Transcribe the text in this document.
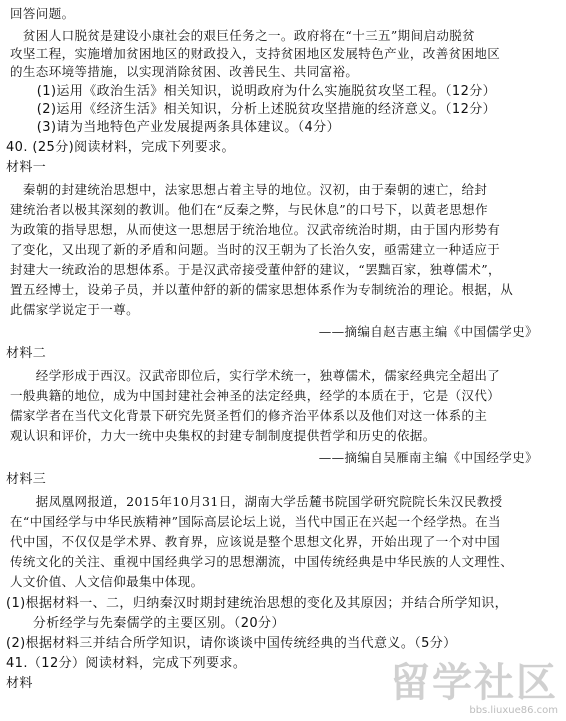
回答问题。
　贫困人口脱贫是建设小康社会的艰巨任务之一。政府将在“十三五”期间启动脱贫
攻坚工程，实施增加贫困地区的财政投入，支持贫困地区发展特色产业，改善贫困地区
的生态环境等措施，以实现消除贫困、改善民生、共同富裕。
　　(1)运用《政治生活》相关知识，说明政府为什么实施脱贫攻坚工程。（12分）
　　(2)运用《经济生活》相关知识，分析上述脱贫攻坚措施的经济意义。（12分）
　　(3)请为当地特色产业发展提两条具体建议。（4分）
40. (25分)阅读材料，完成下列要求。
材料一
　秦朝的封建统治思想中，法家思想占着主导的地位。汉初，由于秦朝的速亡，给封
建统治者以极其深刻的教训。他们在“反秦之弊，与民休息”的口号下，以黄老思想作
为政策的指导思想，从而使这一思想居于统治地位。汉武帝统治时期，由于国内形势有
了变化，又出现了新的矛盾和问题。当时的汉王朝为了长治久安，亟需建立一种适应于
封建大一统政治的思想体系。于是汉武帝接受董仲舒的建议，“罢黜百家，独尊儒术”，
置五经博士，设弟子员，并以董仲舒的新的儒家思想体系作为专制统治的理论。根据，从
此儒家学说定于一尊。
——摘编自赵吉惠主编《中国儒学史》
材料二
　　经学形成于西汉。汉武帝即位后，实行学术统一，独尊儒术，儒家经典完全超出了
一般典籍的地位，成为中国封建社会神圣的法定经典，经学的本质在于，它是（汉代）
儒家学者在当代文化背景下研究先贤圣哲们的修齐治平体系以及他们对这一体系的主
观认识和评价，力大一统中央集权的封建专制制度提供哲学和历史的依据。
——摘编自吴雁南主编《中国经学史》
材料三
　　据凤凰网报道，2015年10月31日，湖南大学岳麓书院国学研究院院长朱汉民教授
在“中国经学与中华民族精神”国际高层论坛上说，当代中国正在兴起一个经学热。在当
代中国，不仅仅是学术界、教育界，应该说是整个思想文化界，开始出现了一个对中国
传统文化的关注、重视中国经典学习的思想潮流，中国传统经典是中华民族的人文理性、
人文价值、人文信仰最集中体现。
(1)根据材料一、二，归纳秦汉时期封建统治思想的变化及其原因；并结合所学知识，
　　分析经学与先秦儒学的主要区别。（20分）
(2)根据材料三并结合所学知识，请你谈谈中国传统经典的当代意义。（5分）
41.（12分）阅读材料，完成下列要求。
材料	留学社区
bbs.liuxue86.com
